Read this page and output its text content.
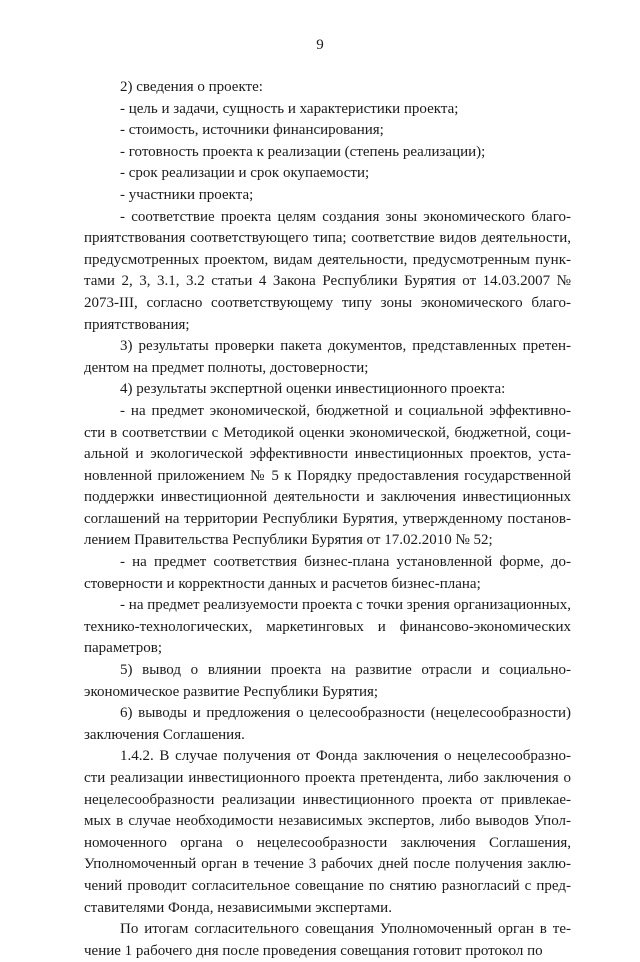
9

2) сведения о проекте:

- цель и задачи, сущность и характеристики проекта;

- стоимость, источники финансирования;

- готовность проекта к реализации (степень реализации);

- срок реализации и срок окупаемости;

- участники проекта;

- соответствие проекта целям создания зоны экономического благоприятствования соответствующего типа; соответствие видов деятельности, предусмотренных проектом, видам деятельности, предусмотренным пунктами 2, 3, 3.1, 3.2 статьи 4 Закона Республики Бурятия от 14.03.2007 № 2073-III, согласно соответствующему типу зоны экономического благоприятствования;

3) результаты проверки пакета документов, представленных претендентом на предмет полноты, достоверности;

4) результаты экспертной оценки инвестиционного проекта:

- на предмет экономической, бюджетной и социальной эффективности в соответствии с Методикой оценки экономической, бюджетной, социальной и экологической эффективности инвестиционных проектов, установленной приложением № 5 к Порядку предоставления государственной поддержки инвестиционной деятельности и заключения инвестиционных соглашений на территории Республики Бурятия, утвержденному постановлением Правительства Республики Бурятия от 17.02.2010 № 52;

- на предмет соответствия бизнес-плана установленной форме, достоверности и корректности данных и расчетов бизнес-плана;

- на предмет реализуемости проекта с точки зрения организационных, технико-технологических, маркетинговых и финансово-экономических параметров;

5) вывод о влиянии проекта на развитие отрасли и социально-экономическое развитие Республики Бурятия;

6) выводы и предложения о целесообразности (нецелесообразности) заключения Соглашения.

1.4.2. В случае получения от Фонда заключения о нецелесообразности реализации инвестиционного проекта претендента, либо заключения о нецелесообразности реализации инвестиционного проекта от привлекаемых в случае необходимости независимых экспертов, либо выводов Уполномоченного органа о нецелесообразности заключения Соглашения, Уполномоченный орган в течение 3 рабочих дней после получения заключений проводит согласительное совещание по снятию разногласий с представителями Фонда, независимыми экспертами.

По итогам согласительного совещания Уполномоченный орган в течение 1 рабочего дня после проведения совещания готовит протокол по
